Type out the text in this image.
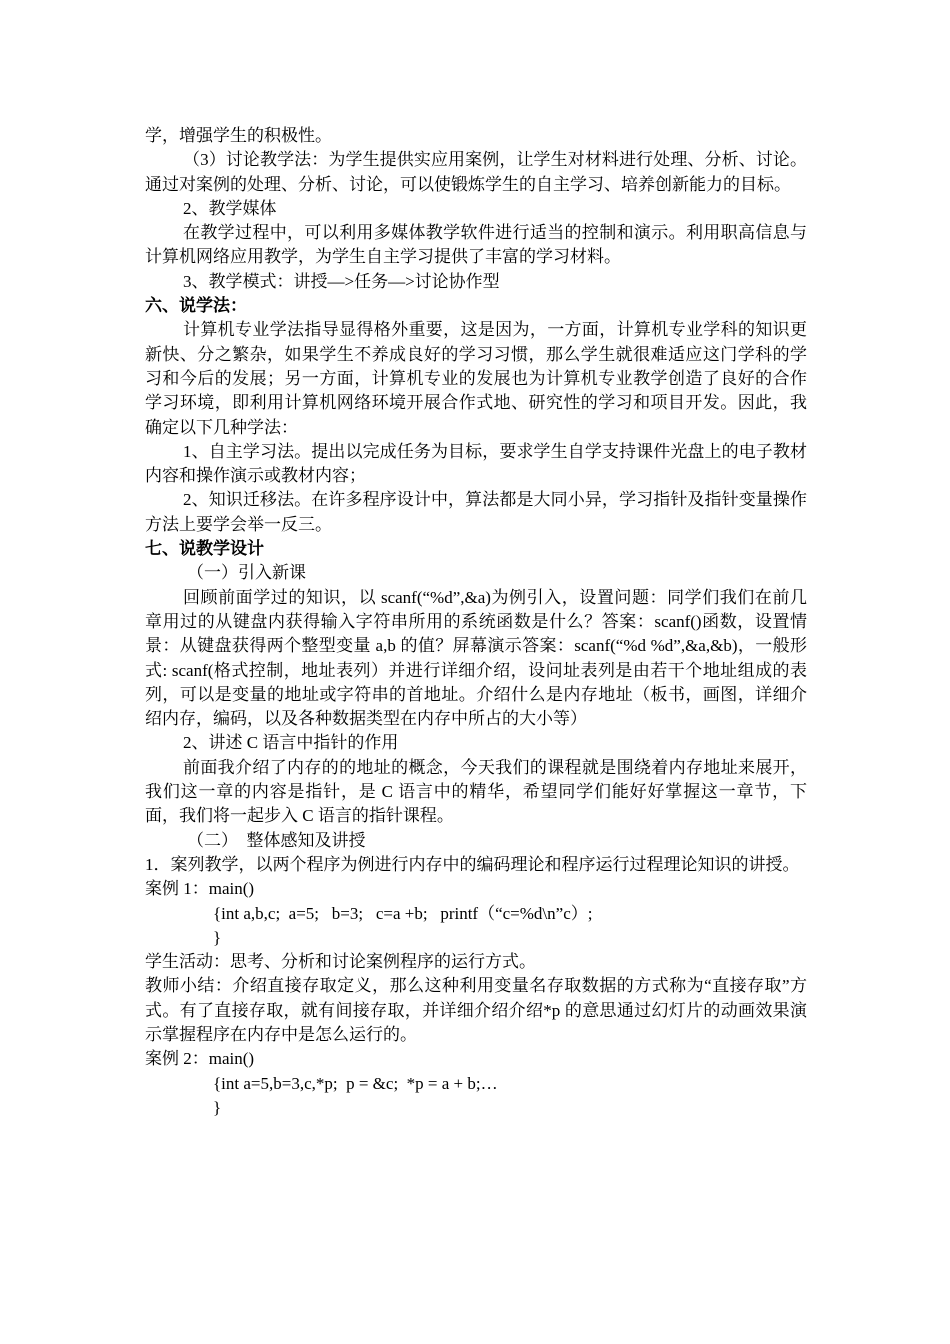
学，增强学生的积极性。

（3）讨论教学法：为学生提供实应用案例，让学生对材料进行处理、分析、讨论。通过对案例的处理、分析、讨论，可以使锻炼学生的自主学习、培养创新能力的目标。

2、教学媒体

在教学过程中，可以利用多媒体教学软件进行适当的控制和演示。利用职高信息与计算机网络应用教学，为学生自主学习提供了丰富的学习材料。

3、教学模式：讲授—>任务—>讨论协作型

六、说学法：

计算机专业学法指导显得格外重要，这是因为，一方面，计算机专业学科的知识更新快、分之繁杂，如果学生不养成良好的学习习惯，那么学生就很难适应这门学科的学习和今后的发展；另一方面，计算机专业的发展也为计算机专业教学创造了良好的合作学习环境，即利用计算机网络环境开展合作式地、研究性的学习和项目开发。因此，我确定以下几种学法：

1、自主学习法。提出以完成任务为目标，要求学生自学支持课件光盘上的电子教材内容和操作演示或教材内容；

2、知识迁移法。在许多程序设计中，算法都是大同小异，学习指针及指针变量操作方法上要学会举一反三。

七、说教学设计

（一）引入新课

回顾前面学过的知识，以 scanf(“%d”,&a)为例引入，设置问题：同学们我们在前几章用过的从键盘内获得输入字符串所用的系统函数是什么？答案：scanf()函数，设置情景：从键盘获得两个整型变量 a,b 的值？屏幕演示答案：scanf(“%d %d”,&a,&b)，一般形式: scanf(格式控制，地址表列）并进行详细介绍，设问址表列是由若干个地址组成的表列，可以是变量的地址或字符串的首地址。介绍什么是内存地址（板书，画图，详细介绍内存，编码，以及各种数据类型在内存中所占的大小等）

2、讲述 C 语言中指针的作用

前面我介绍了内存的的地址的概念，今天我们的课程就是围绕着内存地址来展开，我们这一章的内容是指针，是 C 语言中的精华，希望同学们能好好掌握这一章节，下面，我们将一起步入 C 语言的指针课程。

（二）  整体感知及讲授

1．案列教学，以两个程序为例进行内存中的编码理论和程序运行过程理论知识的讲授。

案例 1：main()

{int a,b,c;  a=5;   b=3;   c=a +b;   printf（“c=%d\n”c）;

}

学生活动：思考、分析和讨论案例程序的运行方式。

教师小结：介绍直接存取定义，那么这种利用变量名存取数据的方式称为“直接存取”方式。有了直接存取，就有间接存取，并详细介绍介绍*p 的意思通过幻灯片的动画效果演示掌握程序在内存中是怎么运行的。

案例 2：main()

{int a=5,b=3,c,*p;  p = &c;  *p = a + b;…

}
